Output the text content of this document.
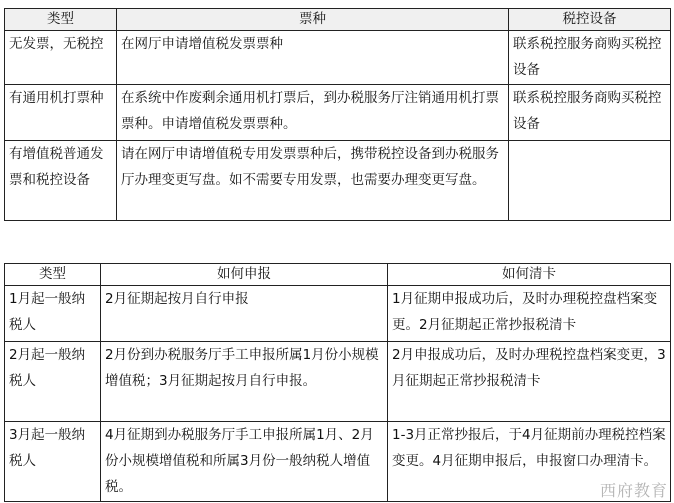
类型	票种	税控设备
无发票，无税控	在网厅申请增值税发票票种	联系税控服务商购买税控设备
有通用机打票种	在系统中作废剩余通用机打票后，到办税服务厅注销通用机打票票种。申请增值税发票票种。	联系税控服务商购买税控设备
有增值税普通发票和税控设备	请在网厅申请增值税专用发票票种后，携带税控设备到办税服务厅办理变更写盘。如不需要专用发票，也需要办理变更写盘。	
类型	如何申报	如何清卡
1月起一般纳税人	2月征期起按月自行申报	1月征期申报成功后，及时办理税控盘档案变更。2月征期起正常抄报税清卡
2月起一般纳税人	2月份到办税服务厅手工申报所属1月份小规模增值税；3月征期起按月自行申报。	2月申报成功后，及时办理税控盘档案变更，3月征期起正常抄报税清卡
3月起一般纳税人	4月征期到办税服务厅手工申报所属1月、2月份小规模增值税和所属3月份一般纳税人增值税。	1-3月正常抄报后，于4月征期前办理税控档案变更。4月征期申报后，申报窗口办理清卡。
西府教育
